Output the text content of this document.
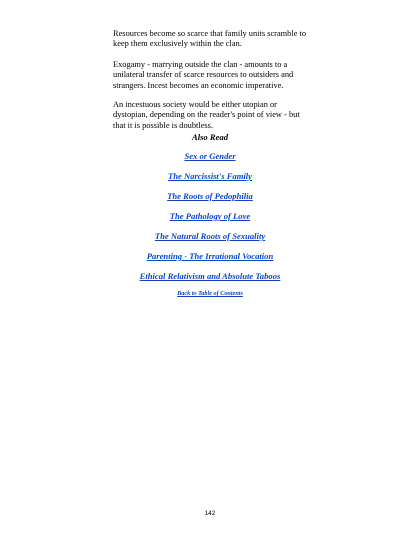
Resources become so scarce that family units scramble to keep them exclusively within the clan.

Exogamy - marrying outside the clan - amounts to a unilateral transfer of scarce resources to outsiders and strangers. Incest becomes an economic imperative.

An incestuous society would be either utopian or dystopian, depending on the reader's point of view - but that it is possible is doubtless.

Also Read
Sex or Gender
The Narcissist's Family
The Roots of Pedophilia
The Pathology of Love
The Natural Roots of Sexuality
Parenting - The Irrational Vocation
Ethical Relativism and Absolute Taboos
Back to Table of Contents
142
